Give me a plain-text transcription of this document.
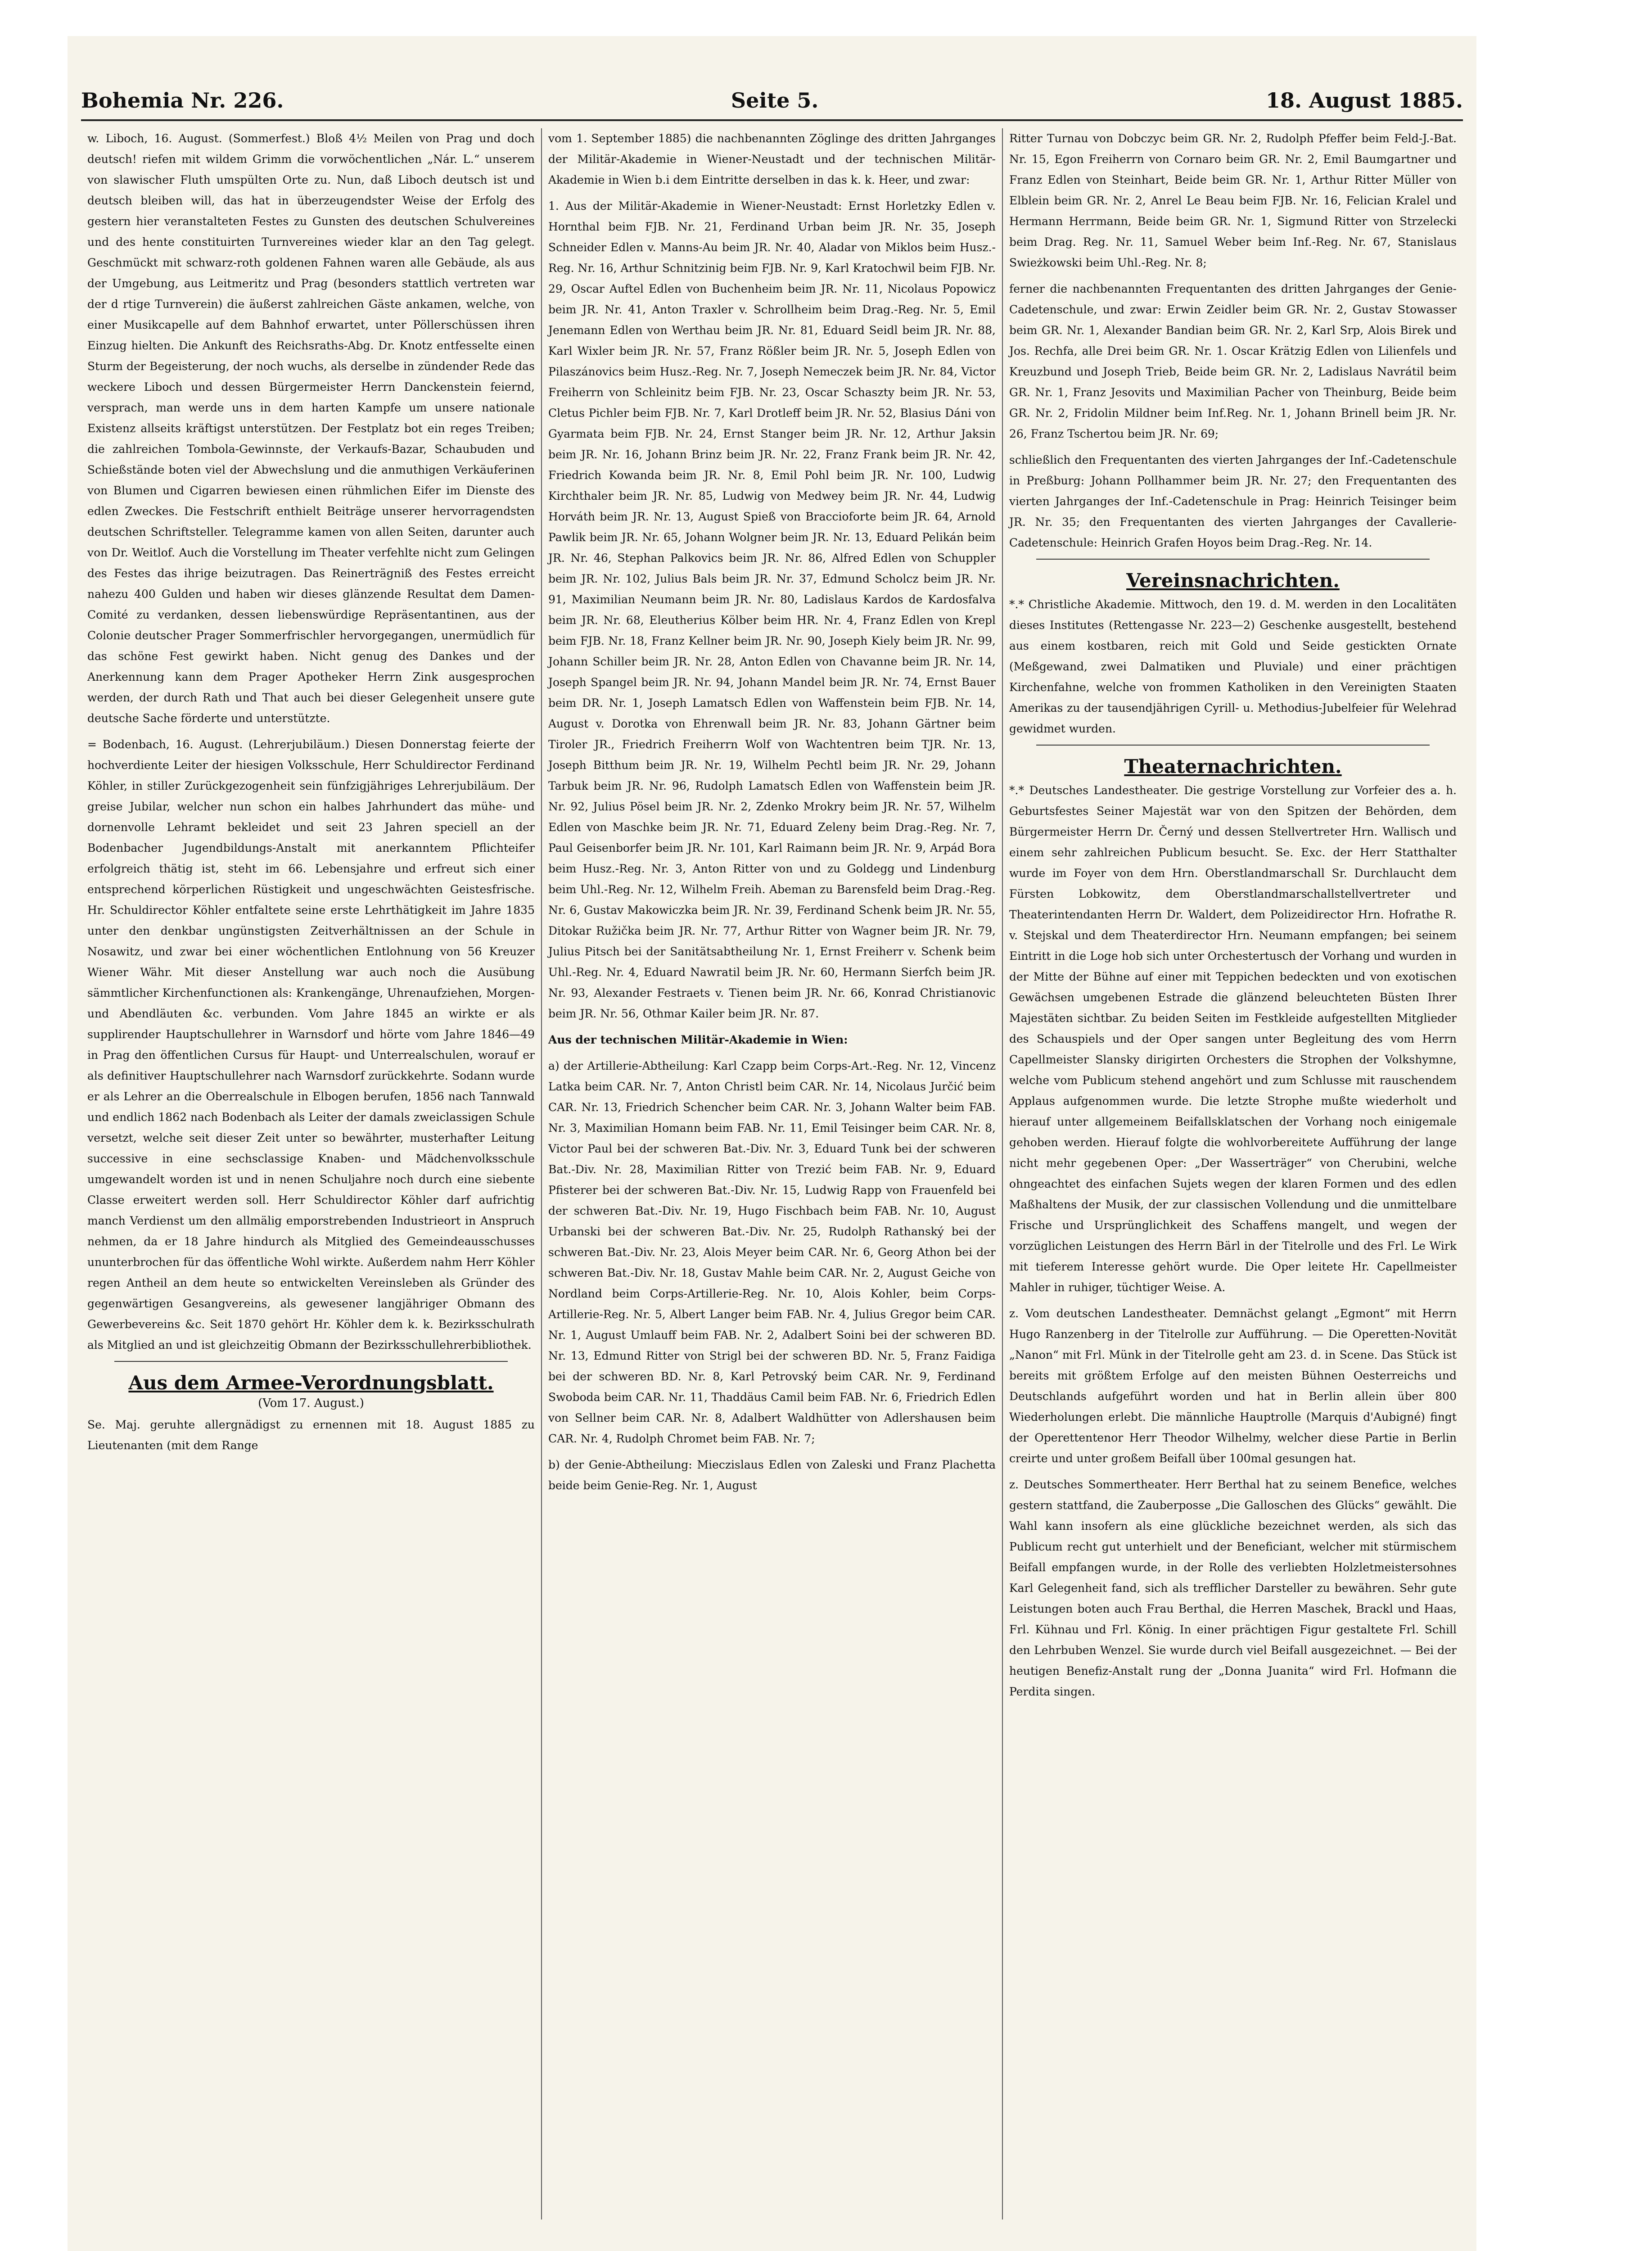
Bohemia Nr. 226.	Seite 5.	18. August 1885.

w. Liboch, 16. August. (Sommerfest.) Bloß 4½ Meilen von Prag und doch deutsch! riefen mit wildem Grimm die vorwöchentlichen „Nár. L.“ unserem von slawischer Fluth umspülten Orte zu. Nun, daß Liboch deutsch ist und deutsch bleiben will, das hat in überzeugendster Weise der Erfolg des gestern hier veranstalteten Festes zu Gunsten des deutschen Schulvereines und des hente constituirten Turnvereines wieder klar an den Tag gelegt. Geschmückt mit schwarz-roth goldenen Fahnen waren alle Gebäude, als aus der Umgebung, aus Leitmeritz und Prag (besonders stattlich vertreten war der d rtige Turnverein) die äußerst zahlreichen Gäste ankamen, welche, von einer Musikcapelle auf dem Bahnhof erwartet, unter Pöllerschüssen ihren Einzug hielten. Die Ankunft des Reichsraths-Abg. Dr. Knotz entfesselte einen Sturm der Begeisterung, der noch wuchs, als derselbe in zündender Rede das weckere Liboch und dessen Bürgermeister Herrn Danckenstein feiernd, versprach, man werde uns in dem harten Kampfe um unsere nationale Existenz allseits kräftigst unterstützen. Der Festplatz bot ein reges Treiben; die zahlreichen Tombola-Gewinnste, der Verkaufs-Bazar, Schaubuden und Schießstände boten viel der Abwechslung und die anmuthigen Verkäuferinen von Blumen und Cigarren bewiesen einen rühmlichen Eifer im Dienste des edlen Zweckes. Die Festschrift enthielt Beiträge unserer hervorragendsten deutschen Schriftsteller. Telegramme kamen von allen Seiten, darunter auch von Dr. Weitlof. Auch die Vorstellung im Theater verfehlte nicht zum Gelingen des Festes das ihrige beizutragen. Das Reinerträgniß des Festes erreicht nahezu 400 Gulden und haben wir dieses glänzende Resultat dem Damen-Comité zu verdanken, dessen liebenswürdige Repräsentantinen, aus der Colonie deutscher Prager Sommerfrischler hervorgegangen, unermüdlich für das schöne Fest gewirkt haben. Nicht genug des Dankes und der Anerkennung kann dem Prager Apotheker Herrn Zink ausgesprochen werden, der durch Rath und That auch bei dieser Gelegenheit unsere gute deutsche Sache förderte und unterstützte.

= Bodenbach, 16. August. (Lehrerjubiläum.) Diesen Donnerstag feierte der hochverdiente Leiter der hiesigen Volksschule, Herr Schuldirector Ferdinand Köhler, in stiller Zurückgezogenheit sein fünfzigjähriges Lehrerjubiläum. Der greise Jubilar, welcher nun schon ein halbes Jahrhundert das mühe- und dornenvolle Lehramt bekleidet und seit 23 Jahren speciell an der Bodenbacher Jugendbildungs-Anstalt mit anerkanntem Pflichteifer erfolgreich thätig ist, steht im 66. Lebensjahre und erfreut sich einer entsprechend körperlichen Rüstigkeit und ungeschwächten Geistesfrische. Hr. Schuldirector Köhler entfaltete seine erste Lehrthätigkeit im Jahre 1835 unter den denkbar ungünstigsten Zeitverhältnissen an der Schule in Nosawitz, und zwar bei einer wöchentlichen Entlohnung von 56 Kreuzer Wiener Währ. Mit dieser Anstellung war auch noch die Ausübung sämmtlicher Kirchenfunctionen als: Krankengänge, Uhrenaufziehen, Morgen- und Abendläuten &c. verbunden. Vom Jahre 1845 an wirkte er als supplirender Hauptschullehrer in Warnsdorf und hörte vom Jahre 1846—49 in Prag den öffentlichen Cursus für Haupt- und Unterrealschulen, worauf er als definitiver Hauptschullehrer nach Warnsdorf zurückkehrte. Sodann wurde er als Lehrer an die Oberrealschule in Elbogen berufen, 1856 nach Tannwald und endlich 1862 nach Bodenbach als Leiter der damals zweiclassigen Schule versetzt, welche seit dieser Zeit unter so bewährter, musterhafter Leitung successive in eine sechsclassige Knaben- und Mädchenvolksschule umgewandelt worden ist und in nenen Schuljahre noch durch eine siebente Classe erweitert werden soll. Herr Schuldirector Köhler darf aufrichtig manch Verdienst um den allmälig emporstrebenden Industrieort in Anspruch nehmen, da er 18 Jahre hindurch als Mitglied des Gemeindeausschusses ununterbrochen für das öffentliche Wohl wirkte. Außerdem nahm Herr Köhler regen Antheil an dem heute so entwickelten Vereinsleben als Gründer des gegenwärtigen Gesangvereins, als gewesener langjähriger Obmann des Gewerbevereins &c. Seit 1870 gehört Hr. Köhler dem k. k. Bezirksschulrath als Mitglied an und ist gleichzeitig Obmann der Bezirksschullehrerbibliothek.

Aus dem Armee-Verordnungsblatt.
(Vom 17. August.)

Se. Maj. geruhte allergnädigst zu ernennen mit 18. August 1885 zu Lieutenanten (mit dem Range

vom 1. September 1885) die nachbenannten Zöglinge des dritten Jahrganges der Militär-Akademie in Wiener-Neustadt und der technischen Militär-Akademie in Wien b.i dem Eintritte derselben in das k. k. Heer, und zwar:

1. Aus der Militär-Akademie in Wiener-Neustadt: Ernst Horletzky Edlen v. Hornthal beim FJB. Nr. 21, Ferdinand Urban beim JR. Nr. 35, Joseph Schneider Edlen v. Manns-Au beim JR. Nr. 40, Aladar von Miklos beim Husz.-Reg. Nr. 16, Arthur Schnitzinig beim FJB. Nr. 9, Karl Kratochwil beim FJB. Nr. 29, Oscar Auftel Edlen von Buchenheim beim JR. Nr. 11, Nicolaus Popowicz beim JR. Nr. 41, Anton Traxler v. Schrollheim beim Drag.-Reg. Nr. 5, Emil Jenemann Edlen von Werthau beim JR. Nr. 81, Eduard Seidl beim JR. Nr. 88, Karl Wixler beim JR. Nr. 57, Franz Rößler beim JR. Nr. 5, Joseph Edlen von Pilaszánovics beim Husz.-Reg. Nr. 7, Joseph Nemeczek beim JR. Nr. 84, Victor Freiherrn von Schleinitz beim FJB. Nr. 23, Oscar Schaszty beim JR. Nr. 53, Cletus Pichler beim FJB. Nr. 7, Karl Drotleff beim JR. Nr. 52, Blasius Dáni von Gyarmata beim FJB. Nr. 24, Ernst Stanger beim JR. Nr. 12, Arthur Jaksin beim JR. Nr. 16, Johann Brinz beim JR. Nr. 22, Franz Frank beim JR. Nr. 42, Friedrich Kowanda beim JR. Nr. 8, Emil Pohl beim JR. Nr. 100, Ludwig Kirchthaler beim JR. Nr. 85, Ludwig von Medwey beim JR. Nr. 44, Ludwig Horváth beim JR. Nr. 13, August Spieß von Braccioforte beim JR. 64, Arnold Pawlik beim JR. Nr. 65, Johann Wolgner beim JR. Nr. 13, Eduard Pelikán beim JR. Nr. 46, Stephan Palkovics beim JR. Nr. 86, Alfred Edlen von Schuppler beim JR. Nr. 102, Julius Bals beim JR. Nr. 37, Edmund Scholcz beim JR. Nr. 91, Maximilian Neumann beim JR. Nr. 80, Ladislaus Kardos de Kardosfalva beim JR. Nr. 68, Eleutherius Kölber beim HR. Nr. 4, Franz Edlen von Krepl beim FJB. Nr. 18, Franz Kellner beim JR. Nr. 90, Joseph Kiely beim JR. Nr. 99, Johann Schiller beim JR. Nr. 28, Anton Edlen von Chavanne beim JR. Nr. 14, Joseph Spangel beim JR. Nr. 94, Johann Mandel beim JR. Nr. 74, Ernst Bauer beim DR. Nr. 1, Joseph Lamatsch Edlen von Waffenstein beim FJB. Nr. 14, August v. Dorotka von Ehrenwall beim JR. Nr. 83, Johann Gärtner beim Tiroler JR., Friedrich Freiherrn Wolf von Wachtentren beim TJR. Nr. 13, Joseph Bitthum beim JR. Nr. 19, Wilhelm Pechtl beim JR. Nr. 29, Johann Tarbuk beim JR. Nr. 96, Rudolph Lamatsch Edlen von Waffenstein beim JR. Nr. 92, Julius Pösel beim JR. Nr. 2, Zdenko Mrokry beim JR. Nr. 57, Wilhelm Edlen von Maschke beim JR. Nr. 71, Eduard Zeleny beim Drag.-Reg. Nr. 7, Paul Geisenborfer beim JR. Nr. 101, Karl Raimann beim JR. Nr. 9, Arpád Bora beim Husz.-Reg. Nr. 3, Anton Ritter von und zu Goldegg und Lindenburg beim Uhl.-Reg. Nr. 12, Wilhelm Freih. Abeman zu Barensfeld beim Drag.-Reg. Nr. 6, Gustav Makowiczka beim JR. Nr. 39, Ferdinand Schenk beim JR. Nr. 55, Ditokar Ružička beim JR. Nr. 77, Arthur Ritter von Wagner beim JR. Nr. 79, Julius Pitsch bei der Sanitätsabtheilung Nr. 1, Ernst Freiherr v. Schenk beim Uhl.-Reg. Nr. 4, Eduard Nawratil beim JR. Nr. 60, Hermann Sierfch beim JR. Nr. 93, Alexander Festraets v. Tienen beim JR. Nr. 66, Konrad Christianovic beim JR. Nr. 56, Othmar Kailer beim JR. Nr. 87.

Aus der technischen Militär-Akademie in Wien:

a) der Artillerie-Abtheilung: Karl Czapp beim Corps-Art.-Reg. Nr. 12, Vincenz Latka beim CAR. Nr. 7, Anton Christl beim CAR. Nr. 14, Nicolaus Jurčić beim CAR. Nr. 13, Friedrich Schencher beim CAR. Nr. 3, Johann Walter beim FAB. Nr. 3, Maximilian Homann beim FAB. Nr. 11, Emil Teisinger beim CAR. Nr. 8, Victor Paul bei der schweren Bat.-Div. Nr. 3, Eduard Tunk bei der schweren Bat.-Div. Nr. 28, Maximilian Ritter von Trezić beim FAB. Nr. 9, Eduard Pfisterer bei der schweren Bat.-Div. Nr. 15, Ludwig Rapp von Frauenfeld bei der schweren Bat.-Div. Nr. 19, Hugo Fischbach beim FAB. Nr. 10, August Urbanski bei der schweren Bat.-Div. Nr. 25, Rudolph Rathanský bei der schweren Bat.-Div. Nr. 23, Alois Meyer beim CAR. Nr. 6, Georg Athon bei der schweren Bat.-Div. Nr. 18, Gustav Mahle beim CAR. Nr. 2, August Geiche von Nordland beim Corps-Artillerie-Reg. Nr. 10, Alois Kohler, beim Corps-Artillerie-Reg. Nr. 5, Albert Langer beim FAB. Nr. 4, Julius Gregor beim CAR. Nr. 1, August Umlauff beim FAB. Nr. 2, Adalbert Soini bei der schweren BD. Nr. 13, Edmund Ritter von Strigl bei der schweren BD. Nr. 5, Franz Faidiga bei der schweren BD. Nr. 8, Karl Petrovský beim CAR. Nr. 9, Ferdinand Swoboda beim CAR. Nr. 11, Thaddäus Camil beim FAB. Nr. 6, Friedrich Edlen von Sellner beim CAR. Nr. 8, Adalbert Waldhütter von Adlershausen beim CAR. Nr. 4, Rudolph Chromet beim FAB. Nr. 7;

b) der Genie-Abtheilung: Mieczislaus Edlen von Zaleski und Franz Plachetta beide beim Genie-Reg. Nr. 1, August

Ritter Turnau von Dobczyc beim GR. Nr. 2, Rudolph Pfeffer beim Feld-J.-Bat. Nr. 15, Egon Freiherrn von Cornaro beim GR. Nr. 2, Emil Baumgartner und Franz Edlen von Steinhart, Beide beim GR. Nr. 1, Arthur Ritter Müller von Elblein beim GR. Nr. 2, Anrel Le Beau beim FJB. Nr. 16, Felician Kralel und Hermann Herrmann, Beide beim GR. Nr. 1, Sigmund Ritter von Strzelecki beim Drag. Reg. Nr. 11, Samuel Weber beim Inf.-Reg. Nr. 67, Stanislaus Swieżkowski beim Uhl.-Reg. Nr. 8;

ferner die nachbenannten Frequentanten des dritten Jahrganges der Genie-Cadetenschule, und zwar: Erwin Zeidler beim GR. Nr. 2, Gustav Stowasser beim GR. Nr. 1, Alexander Bandian beim GR. Nr. 2, Karl Srp, Alois Birek und Jos. Rechfa, alle Drei beim GR. Nr. 1. Oscar Krätzig Edlen von Lilienfels und Kreuzbund und Joseph Trieb, Beide beim GR. Nr. 2, Ladislaus Navrátil beim GR. Nr. 1, Franz Jesovits und Maximilian Pacher von Theinburg, Beide beim GR. Nr. 2, Fridolin Mildner beim Inf.Reg. Nr. 1, Johann Brinell beim JR. Nr. 26, Franz Tschertou beim JR. Nr. 69;

schließlich den Frequentanten des vierten Jahrganges der Inf.-Cadetenschule in Preßburg: Johann Pollhammer beim JR. Nr. 27; den Frequentanten des vierten Jahrganges der Inf.-Cadetenschule in Prag: Heinrich Teisinger beim JR. Nr. 35; den Frequentanten des vierten Jahrganges der Cavallerie-Cadetenschule: Heinrich Grafen Hoyos beim Drag.-Reg. Nr. 14.

Vereinsnachrichten.

*.* Christliche Akademie. Mittwoch, den 19. d. M. werden in den Localitäten dieses Institutes (Rettengasse Nr. 223—2) Geschenke ausgestellt, bestehend aus einem kostbaren, reich mit Gold und Seide gestickten Ornate (Meßgewand, zwei Dalmatiken und Pluviale) und einer prächtigen Kirchenfahne, welche von frommen Katholiken in den Vereinigten Staaten Amerikas zu der tausendjährigen Cyrill- u. Methodius-Jubelfeier für Welehrad gewidmet wurden.

Theaternachrichten.

*.* Deutsches Landestheater. Die gestrige Vorstellung zur Vorfeier des a. h. Geburtsfestes Seiner Majestät war von den Spitzen der Behörden, dem Bürgermeister Herrn Dr. Černý und dessen Stellvertreter Hrn. Wallisch und einem sehr zahlreichen Publicum besucht. Se. Exc. der Herr Statthalter wurde im Foyer von dem Hrn. Oberstlandmarschall Sr. Durchlaucht dem Fürsten Lobkowitz, dem Oberstlandmarschallstellvertreter und Theaterintendanten Herrn Dr. Waldert, dem Polizeidirector Hrn. Hofrathe R. v. Stejskal und dem Theaterdirector Hrn. Neumann empfangen; bei seinem Eintritt in die Loge hob sich unter Orchestertusch der Vorhang und wurden in der Mitte der Bühne auf einer mit Teppichen bedeckten und von exotischen Gewächsen umgebenen Estrade die glänzend beleuchteten Büsten Ihrer Majestäten sichtbar. Zu beiden Seiten im Festkleide aufgestellten Mitglieder des Schauspiels und der Oper sangen unter Begleitung des vom Herrn Capellmeister Slansky dirigirten Orchesters die Strophen der Volkshymne, welche vom Publicum stehend angehört und zum Schlusse mit rauschendem Applaus aufgenommen wurde. Die letzte Strophe mußte wiederholt und hierauf unter allgemeinem Beifallsklatschen der Vorhang noch einigemale gehoben werden. Hierauf folgte die wohlvorbereitete Aufführung der lange nicht mehr gegebenen Oper: „Der Wasserträger“ von Cherubini, welche ohngeachtet des einfachen Sujets wegen der klaren Formen und des edlen Maßhaltens der Musik, der zur classischen Vollendung und die unmittelbare Frische und Ursprünglichkeit des Schaffens mangelt, und wegen der vorzüglichen Leistungen des Herrn Bärl in der Titelrolle und des Frl. Le Wirk mit tieferem Interesse gehört wurde. Die Oper leitete Hr. Capellmeister Mahler in ruhiger, tüchtiger Weise. A.

z. Vom deutschen Landestheater. Demnächst gelangt „Egmont“ mit Herrn Hugo Ranzenberg in der Titelrolle zur Aufführung. — Die Operetten-Novität „Nanon“ mit Frl. Münk in der Titelrolle geht am 23. d. in Scene. Das Stück ist bereits mit größtem Erfolge auf den meisten Bühnen Oesterreichs und Deutschlands aufgeführt worden und hat in Berlin allein über 800 Wiederholungen erlebt. Die männliche Hauptrolle (Marquis d'Aubigné) fingt der Operettentenor Herr Theodor Wilhelmy, welcher diese Partie in Berlin creirte und unter großem Beifall über 100mal gesungen hat.

z. Deutsches Sommertheater. Herr Berthal hat zu seinem Benefice, welches gestern stattfand, die Zauberposse „Die Galloschen des Glücks“ gewählt. Die Wahl kann insofern als eine glückliche bezeichnet werden, als sich das Publicum recht gut unterhielt und der Beneficiant, welcher mit stürmischem Beifall empfangen wurde, in der Rolle des verliebten Holzletmeistersohnes Karl Gelegenheit fand, sich als trefflicher Darsteller zu bewähren. Sehr gute Leistungen boten auch Frau Berthal, die Herren Maschek, Brackl und Haas, Frl. Kühnau und Frl. König. In einer prächtigen Figur gestaltete Frl. Schill den Lehrbuben Wenzel. Sie wurde durch viel Beifall ausgezeichnet. — Bei der heutigen Benefiz-Anstalt rung der „Donna Juanita“ wird Frl. Hofmann die Perdita singen.
